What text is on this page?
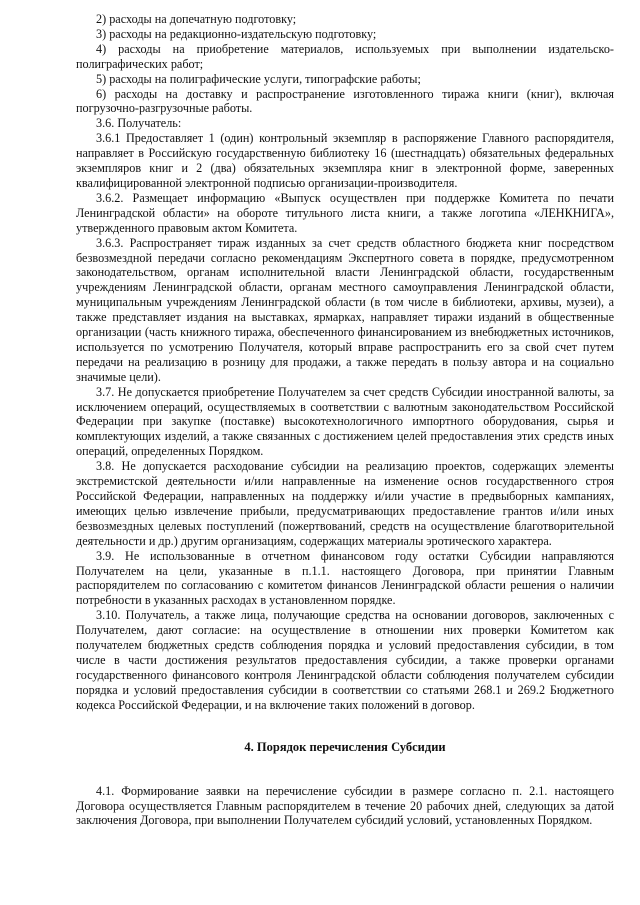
2) расходы на допечатную подготовку;

3) расходы на редакционно-издательскую подготовку;

4) расходы на приобретение материалов, используемых при выполнении издательско-полиграфических работ;

5) расходы на полиграфические услуги, типографские работы;

6) расходы на доставку и распространение изготовленного тиража книги (книг), включая погрузочно-разгрузочные работы.

3.6. Получатель:

3.6.1 Предоставляет 1 (один) контрольный экземпляр в распоряжение Главного распорядителя, направляет в Российскую государственную библиотеку 16 (шестнадцать) обязательных федеральных экземпляров книг и 2 (два) обязательных экземпляра книг в электронной форме, заверенных квалифицированной электронной подписью организации-производителя.

3.6.2. Размещает информацию «Выпуск осуществлен при поддержке Комитета по печати Ленинградской области» на обороте титульного листа книги, а также логотипа «ЛЕНКНИГА», утвержденного правовым актом Комитета.

3.6.3. Распространяет тираж изданных за счет средств областного бюджета книг посредством безвозмездной передачи согласно рекомендациям Экспертного совета в порядке, предусмотренном законодательством, органам исполнительной власти Ленинградской области, государственным учреждениям Ленинградской области, органам местного самоуправления Ленинградской области, муниципальным учреждениям Ленинградской области (в том числе в библиотеки, архивы, музеи), а также представляет издания на выставках, ярмарках, направляет тиражи изданий в общественные организации (часть книжного тиража, обеспеченного финансированием из внебюджетных источников, используется по усмотрению Получателя, который вправе распространить его за свой счет путем передачи на реализацию в розницу для продажи, а также передать в пользу автора и на социально значимые цели).

3.7. Не допускается приобретение Получателем за счет средств Субсидии иностранной валюты, за исключением операций, осуществляемых в соответствии с валютным законодательством Российской Федерации при закупке (поставке) высокотехнологичного импортного оборудования, сырья и комплектующих изделий, а также связанных с достижением целей предоставления этих средств иных операций, определенных Порядком.

3.8. Не допускается расходование субсидии на реализацию проектов, содержащих элементы экстремистской деятельности и/или направленные на изменение основ государственного строя Российской Федерации, направленных на поддержку и/или участие в предвыборных кампаниях, имеющих целью извлечение прибыли, предусматривающих предоставление грантов и/или иных безвозмездных целевых поступлений (пожертвований, средств на осуществление благотворительной деятельности и др.) другим организациям, содержащих материалы эротического характера.

3.9. Не использованные в отчетном финансовом году остатки Субсидии направляются Получателем на цели, указанные в п.1.1. настоящего Договора, при принятии Главным распорядителем по согласованию с комитетом финансов Ленинградской области решения о наличии потребности в указанных расходах в установленном порядке.

3.10. Получатель, а также лица, получающие средства на основании договоров, заключенных с Получателем, дают согласие: на осуществление в отношении них проверки Комитетом как получателем бюджетных средств соблюдения порядка и условий предоставления субсидии, в том числе в части достижения результатов предоставления субсидии, а также проверки органами государственного финансового контроля Ленинградской области соблюдения получателем субсидии порядка и условий предоставления субсидии в соответствии со статьями 268.1 и 269.2 Бюджетного кодекса Российской Федерации, и на включение таких положений в договор.

4. Порядок перечисления Субсидии

4.1. Формирование заявки на перечисление субсидии в размере согласно п. 2.1. настоящего Договора осуществляется Главным распорядителем в течение 20 рабочих дней, следующих за датой заключения Договора, при выполнении Получателем субсидий условий, установленных Порядком.
